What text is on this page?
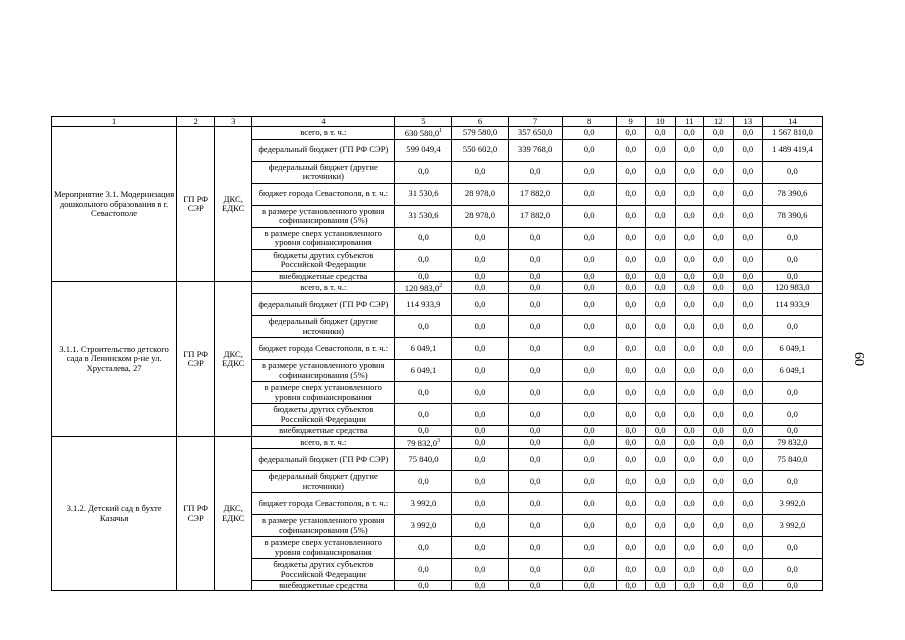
1	2	3	4	5	6	7	8	9	10	11	12	13	14
Мероприятие 3.1. Модернизация дошкольного образования в г. Севастополе	ГП РФ СЭР	ДКС, ЕДКС	всего, в т. ч.:	630 580,0$^1$	579 580,0	357 650,0	0,0	0,0	0,0	0,0	0,0	0,0	1 567 810,0
			федеральный бюджет (ГП РФ СЭР)	599 049,4	550 602,0	339 768,0	0,0	0,0	0,0	0,0	0,0	0,0	1 489 419,4
			федеральный бюджет (другие источники)	0,0	0,0	0,0	0,0	0,0	0,0	0,0	0,0	0,0	0,0
			бюджет города Севастополя, в т. ч.:	31 530,6	28 978,0	17 882,0	0,0	0,0	0,0	0,0	0,0	0,0	78 390,6
			в размере установленного уровня софинансирования (5%)	31 530,6	28 978,0	17 882,0	0,0	0,0	0,0	0,0	0,0	0,0	78 390,6
			в размере сверх установленного уровня софинансирования	0,0	0,0	0,0	0,0	0,0	0,0	0,0	0,0	0,0	0,0
			бюджеты других субъектов Российской Федерации	0,0	0,0	0,0	0,0	0,0	0,0	0,0	0,0	0,0	0,0
			внебюджетные средства	0,0	0,0	0,0	0,0	0,0	0,0	0,0	0,0	0,0	0,0
3.1.1. Строительство детского сада в Ленинском р-не ул. Хрусталева, 27	ГП РФ СЭР	ДКС, ЕДКС	всего, в т. ч.:	120 983,0$^2$	0,0	0,0	0,0	0,0	0,0	0,0	0,0	0,0	120 983,0
			федеральный бюджет (ГП РФ СЭР)	114 933,9	0,0	0,0	0,0	0,0	0,0	0,0	0,0	0,0	114 933,9
			федеральный бюджет (другие источники)	0,0	0,0	0,0	0,0	0,0	0,0	0,0	0,0	0,0	0,0
			бюджет города Севастополя, в т. ч.:	6 049,1	0,0	0,0	0,0	0,0	0,0	0,0	0,0	0,0	6 049,1
			в размере установленного уровня софинансирования (5%)	6 049,1	0,0	0,0	0,0	0,0	0,0	0,0	0,0	0,0	6 049,1
			в размере сверх установленного уровня софинансирования	0,0	0,0	0,0	0,0	0,0	0,0	0,0	0,0	0,0	0,0
			бюджеты других субъектов Российской Федерации	0,0	0,0	0,0	0,0	0,0	0,0	0,0	0,0	0,0	0,0
			внебюджетные средства	0,0	0,0	0,0	0,0	0,0	0,0	0,0	0,0	0,0	0,0
3.1.2. Детский сад в бухте Казачья	ГП РФ СЭР	ДКС, ЕДКС	всего, в т. ч.:	79 832,0$^3$	0,0	0,0	0,0	0,0	0,0	0,0	0,0	0,0	79 832,0
			федеральный бюджет (ГП РФ СЭР)	75 840,0	0,0	0,0	0,0	0,0	0,0	0,0	0,0	0,0	75 840,0
			федеральный бюджет (другие источники)	0,0	0,0	0,0	0,0	0,0	0,0	0,0	0,0	0,0	0,0
			бюджет города Севастополя, в т. ч.:	3 992,0	0,0	0,0	0,0	0,0	0,0	0,0	0,0	0,0	3 992,0
			в размере установленного уровня софинансирования (5%)	3 992,0	0,0	0,0	0,0	0,0	0,0	0,0	0,0	0,0	3 992,0
			в размере сверх установленного уровня софинансирования	0,0	0,0	0,0	0,0	0,0	0,0	0,0	0,0	0,0	0,0
			бюджеты других субъектов Российской Федерации	0,0	0,0	0,0	0,0	0,0	0,0	0,0	0,0	0,0	0,0
			внебюджетные средства	0,0	0,0	0,0	0,0	0,0	0,0	0,0	0,0	0,0	0,0
60
